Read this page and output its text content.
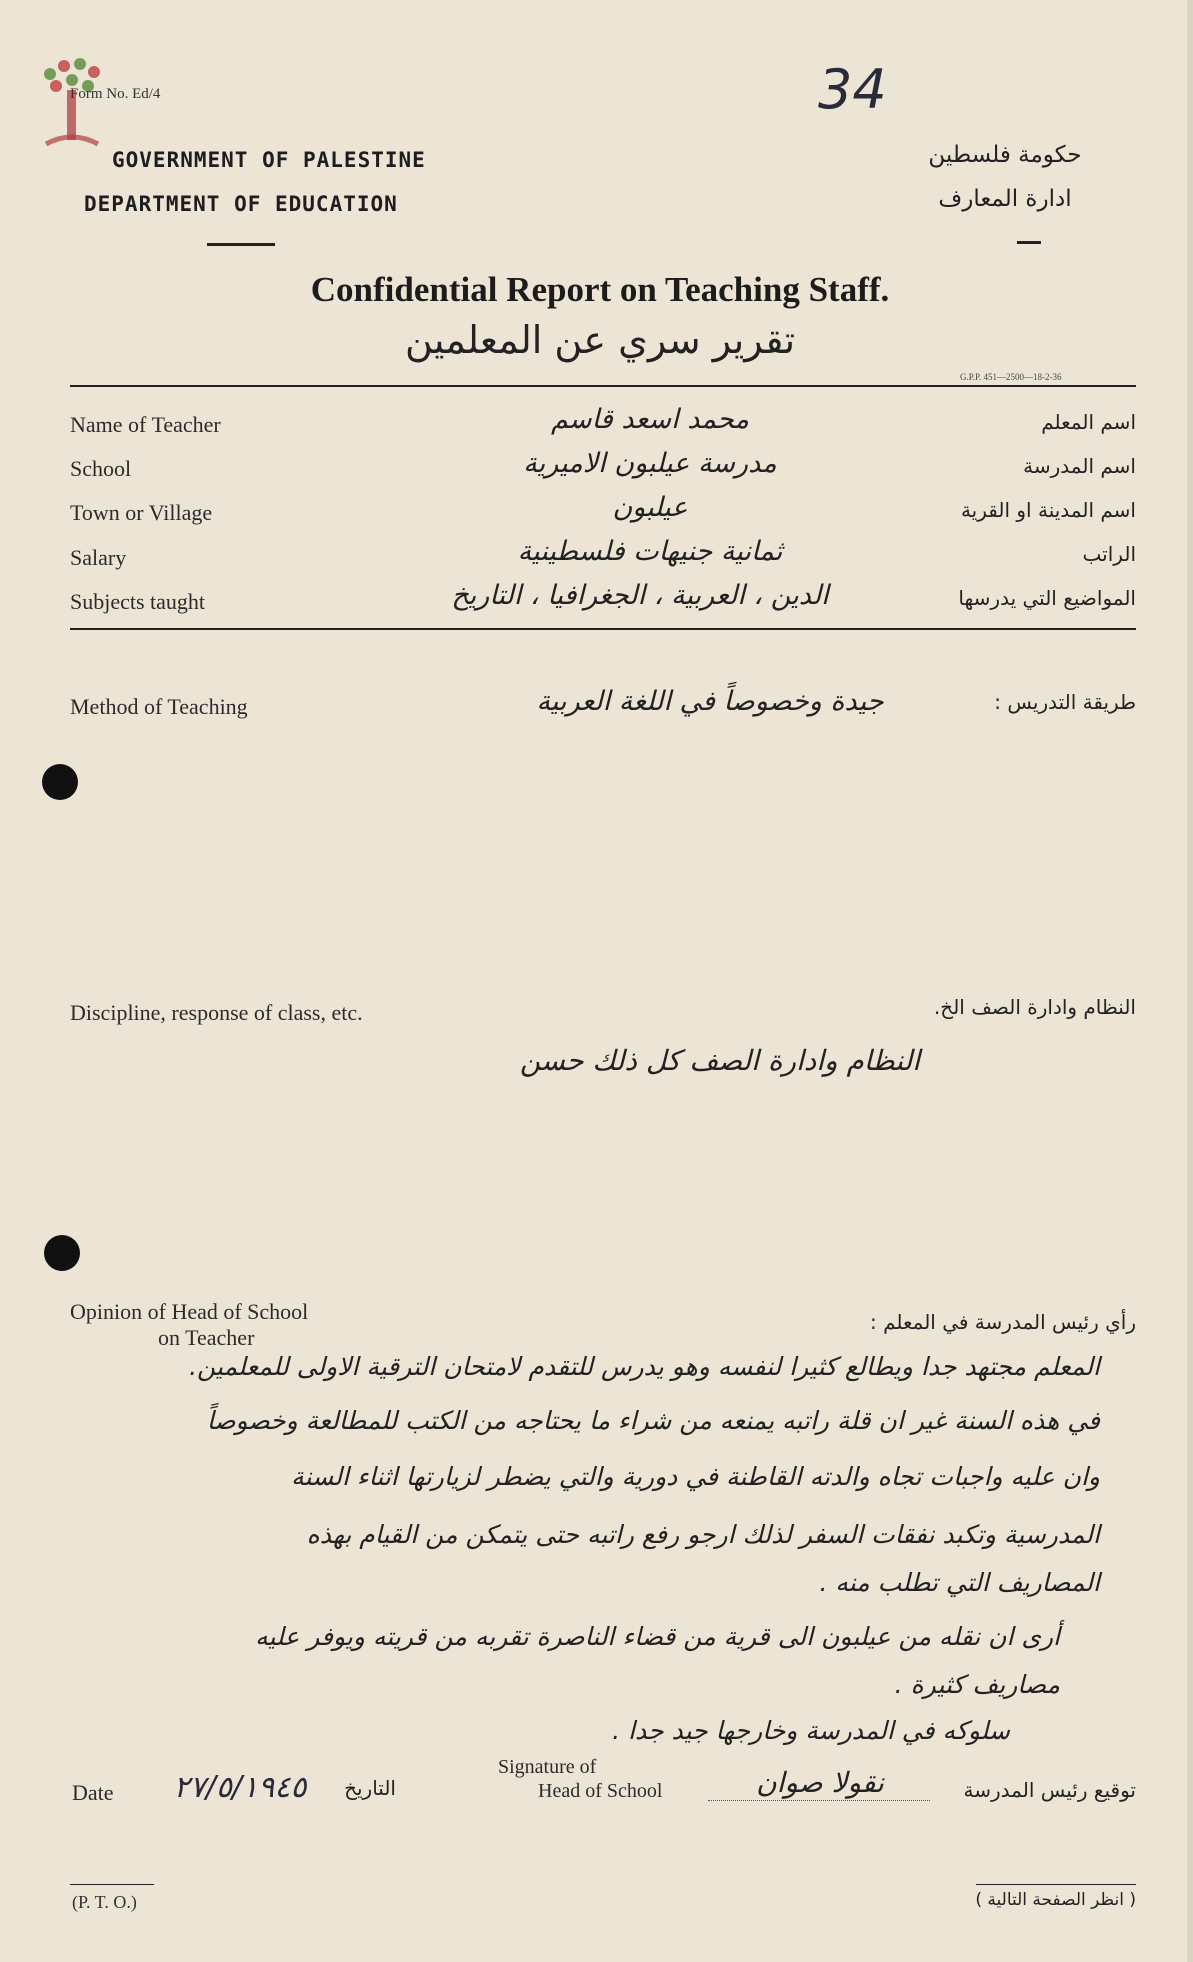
Form No. Ed/4	34
GOVERNMENT OF PALESTINE
DEPARTMENT OF EDUCATION
حكومة فلسطين
ادارة المعارف
Confidential Report on Teaching Staff.
تقرير سري عن المعلمين
G.P.P. 451—2500—18-2-36
Name of Teacher	محمد اسعد قاسم	اسم المعلم
School	مدرسة عيلبون الاميرية	اسم المدرسة
Town or Village	عيلبون	اسم المدينة او القرية
Salary	ثمانية جنيهات فلسطينية	الراتب
Subjects taught	الدين ، العربية ، الجغرافيا ، التاريخ	المواضيع التي يدرسها
Method of Teaching	جيدة وخصوصاً في اللغة العربية	طريقة التدريس :
Discipline, response of class, etc.	النظام وادارة الصف الخ.
النظام وادارة الصف كل ذلك حسن
Opinion of Head of School
on Teacher
رأي رئيس المدرسة في المعلم :
المعلم مجتهد جدا ويطالع كثيرا لنفسه وهو يدرس للتقدم لامتحان الترقية الاولى للمعلمين.
في هذه السنة غير ان قلة راتبه يمنعه من شراء ما يحتاجه من الكتب للمطالعة وخصوصاً
وان عليه واجبات تجاه والدته القاطنة في دورية والتي يضطر لزيارتها اثناء السنة
المدرسية وتكبد نفقات السفر لذلك ارجو رفع راتبه حتى يتمكن من القيام بهذه
المصاريف التي تطلب منه .
أرى ان نقله من عيلبون الى قرية من قضاء الناصرة تقربه من قريته ويوفر عليه
مصاريف كثيرة .
سلوكه في المدرسة وخارجها جيد جدا .
Date	٢٧/٥/١٩٤٥	التاريخ
Signature of
Head of School	نقولا صوان	توقيع رئيس المدرسة
(P. T. O.)	( انظر الصفحة التالية )
